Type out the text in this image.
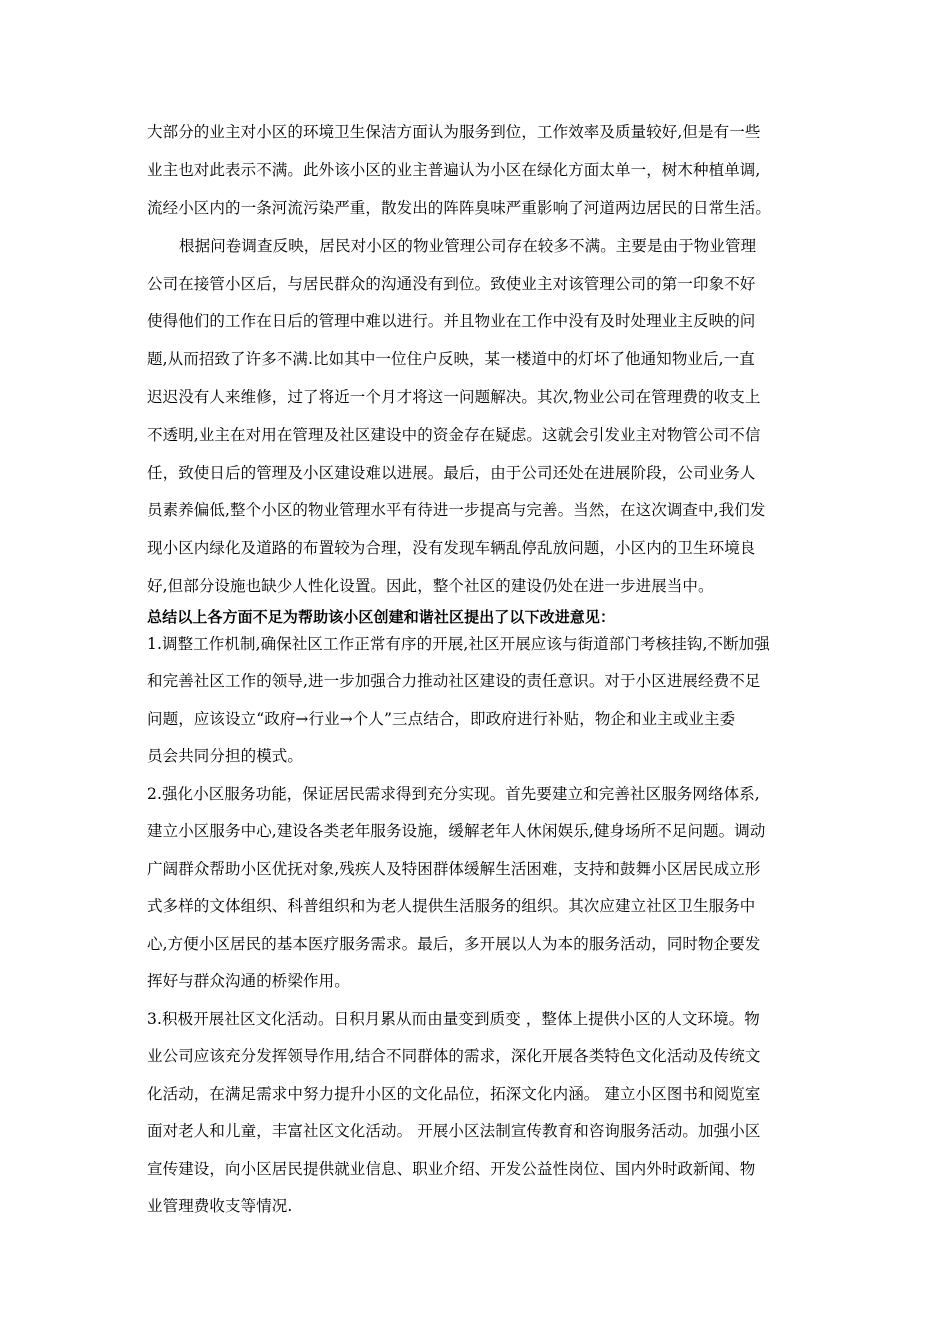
大部分的业主对小区的环境卫生保洁方面认为服务到位，工作效率及质量较好,但是有一些
业主也对此表示不满。此外该小区的业主普遍认为小区在绿化方面太单一，树木种植单调,
流经小区内的一条河流污染严重，散发出的阵阵臭味严重影响了河道两边居民的日常生活。
根据问卷调查反映，居民对小区的物业管理公司存在较多不满。主要是由于物业管理
公司在接管小区后，与居民群众的沟通没有到位。致使业主对该管理公司的第一印象不好
使得他们的工作在日后的管理中难以进行。并且物业在工作中没有及时处理业主反映的问
题,从而招致了许多不满.比如其中一位住户反映，某一楼道中的灯坏了他通知物业后,一直
迟迟没有人来维修，过了将近一个月才将这一问题解决。其次,物业公司在管理费的收支上
不透明,业主在对用在管理及社区建设中的资金存在疑虑。这就会引发业主对物管公司不信
任，致使日后的管理及小区建设难以进展。最后，由于公司还处在进展阶段，公司业务人
员素养偏低,整个小区的物业管理水平有待进一步提高与完善。当然，在这次调查中,我们发
现小区内绿化及道路的布置较为合理，没有发现车辆乱停乱放问题，小区内的卫生环境良
好,但部分设施也缺少人性化设置。因此，整个社区的建设仍处在进一步进展当中。
总结以上各方面不足为帮助该小区创建和谐社区提出了以下改进意见：
1.调整工作机制,确保社区工作正常有序的开展,社区开展应该与街道部门考核挂钩,不断加强
和完善社区工作的领导,进一步加强合力推动社区建设的责任意识。对于小区进展经费不足
问题，应该设立“政府→行业→个人”三点结合，即政府进行补贴，物企和业主或业主委
员会共同分担的模式。
2.强化小区服务功能，保证居民需求得到充分实现。首先要建立和完善社区服务网络体系,
建立小区服务中心,建设各类老年服务设施，缓解老年人休闲娱乐,健身场所不足问题。调动
广阔群众帮助小区优抚对象,残疾人及特困群体缓解生活困难，支持和鼓舞小区居民成立形
式多样的文体组织、科普组织和为老人提供生活服务的组织。其次应建立社区卫生服务中
心,方便小区居民的基本医疗服务需求。最后，多开展以人为本的服务活动，同时物企要发
挥好与群众沟通的桥梁作用。
3.积极开展社区文化活动。日积月累从而由量变到质变 ，整体上提供小区的人文环境。物
业公司应该充分发挥领导作用,结合不同群体的需求，深化开展各类特色文化活动及传统文
化活动，在满足需求中努力提升小区的文化品位，拓深文化内涵。 建立小区图书和阅览室
面对老人和儿童，丰富社区文化活动。 开展小区法制宣传教育和咨询服务活动。加强小区
宣传建设，向小区居民提供就业信息、职业介绍、开发公益性岗位、国内外时政新闻、物
业管理费收支等情况.
